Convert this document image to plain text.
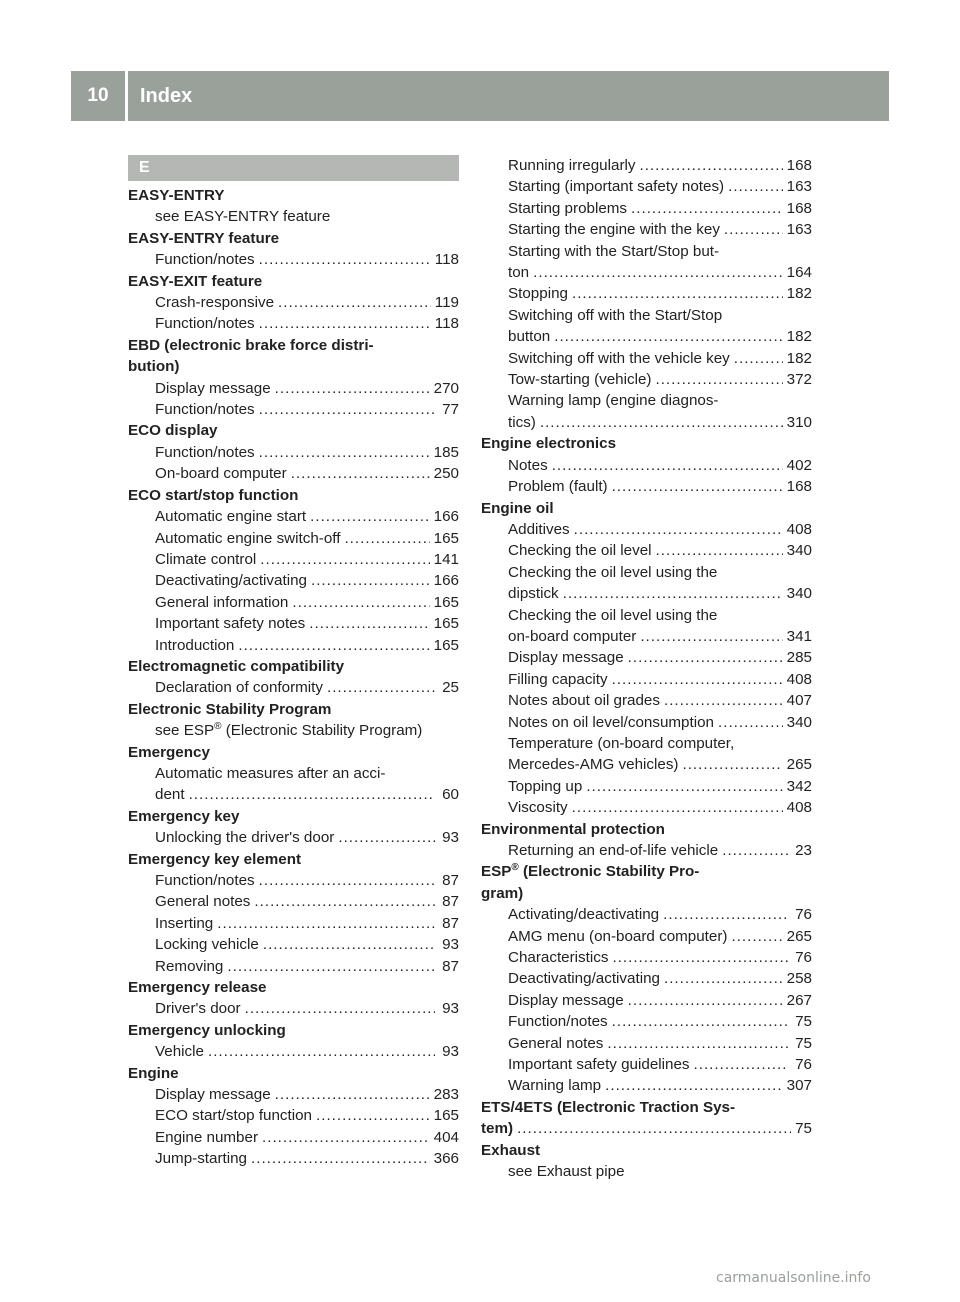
10	Index
E
EASY-ENTRY
see EASY-ENTRY feature
EASY-ENTRY feature
Function/notes .....	118
EASY-EXIT feature
Crash-responsive .....	119
Function/notes .....	118
EBD (electronic brake force distri-
bution)
Display message .....	270
Function/notes .....	77
ECO display
Function/notes .....	185
On-board computer .....	250
ECO start/stop function
Automatic engine start .....	166
Automatic engine switch-off .....	165
Climate control .....	141
Deactivating/activating .....	166
General information .....	165
Important safety notes .....	165
Introduction .....	165
Electromagnetic compatibility
Declaration of conformity .....	25
Electronic Stability Program
see ESP® (Electronic Stability Program)
Emergency
Automatic measures after an acci-
dent .....	60
Emergency key
Unlocking the driver's door .....	93
Emergency key element
Function/notes .....	87
General notes .....	87
Inserting .....	87
Locking vehicle .....	93
Removing .....	87
Emergency release
Driver's door .....	93
Emergency unlocking
Vehicle .....	93
Engine
Display message .....	283
ECO start/stop function .....	165
Engine number .....	404
Jump-starting .....	366
Running irregularly .....	168
Starting (important safety notes) .....	163
Starting problems .....	168
Starting the engine with the key .....	163
Starting with the Start/Stop but-
ton .....	164
Stopping .....	182
Switching off with the Start/Stop
button .....	182
Switching off with the vehicle key .....	182
Tow-starting (vehicle) .....	372
Warning lamp (engine diagnos-
tics) .....	310
Engine electronics
Notes .....	402
Problem (fault) .....	168
Engine oil
Additives .....	408
Checking the oil level .....	340
Checking the oil level using the
dipstick .....	340
Checking the oil level using the
on-board computer .....	341
Display message .....	285
Filling capacity .....	408
Notes about oil grades .....	407
Notes on oil level/consumption .....	340
Temperature (on-board computer,
Mercedes-AMG vehicles) .....	265
Topping up .....	342
Viscosity .....	408
Environmental protection
Returning an end-of-life vehicle .....	23
ESP® (Electronic Stability Pro-
gram)
Activating/deactivating .....	76
AMG menu (on-board computer) .....	265
Characteristics .....	76
Deactivating/activating .....	258
Display message .....	267
Function/notes .....	75
General notes .....	75
Important safety guidelines .....	76
Warning lamp .....	307
ETS/4ETS (Electronic Traction Sys-
tem) .....	75
Exhaust
see Exhaust pipe
carmanualsonline.info
